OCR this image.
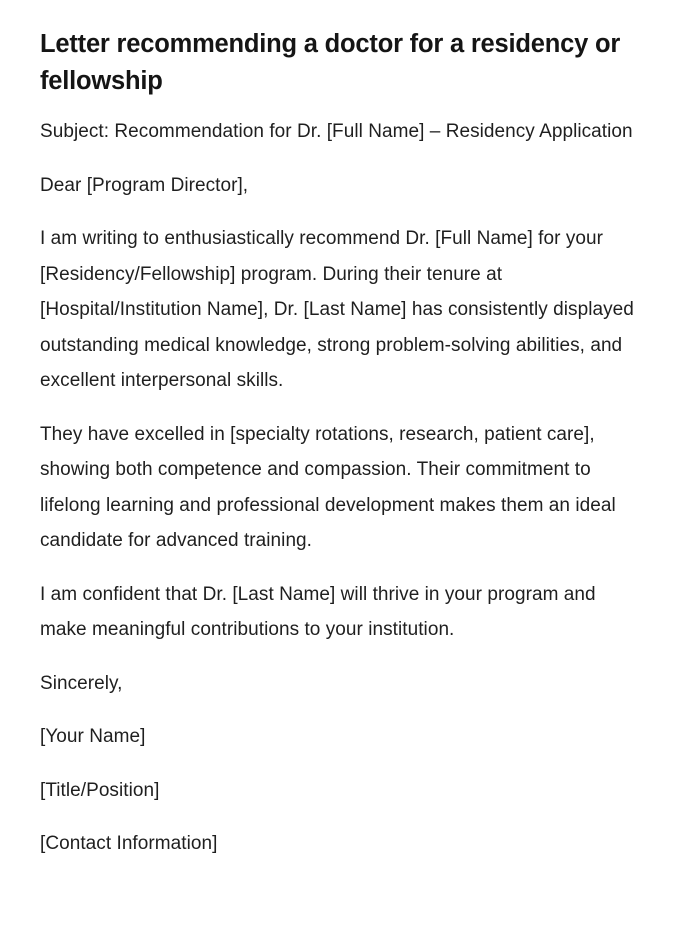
Letter recommending a doctor for a residency or fellowship

Subject: Recommendation for Dr. [Full Name] – Residency Application

Dear [Program Director],

I am writing to enthusiastically recommend Dr. [Full Name] for your [Residency/Fellowship] program. During their tenure at [Hospital/Institution Name], Dr. [Last Name] has consistently displayed outstanding medical knowledge, strong problem-solving abilities, and excellent interpersonal skills.

They have excelled in [specialty rotations, research, patient care], showing both competence and compassion. Their commitment to lifelong learning and professional development makes them an ideal candidate for advanced training.

I am confident that Dr. [Last Name] will thrive in your program and make meaningful contributions to your institution.

Sincerely,

[Your Name]

[Title/Position]

[Contact Information]
